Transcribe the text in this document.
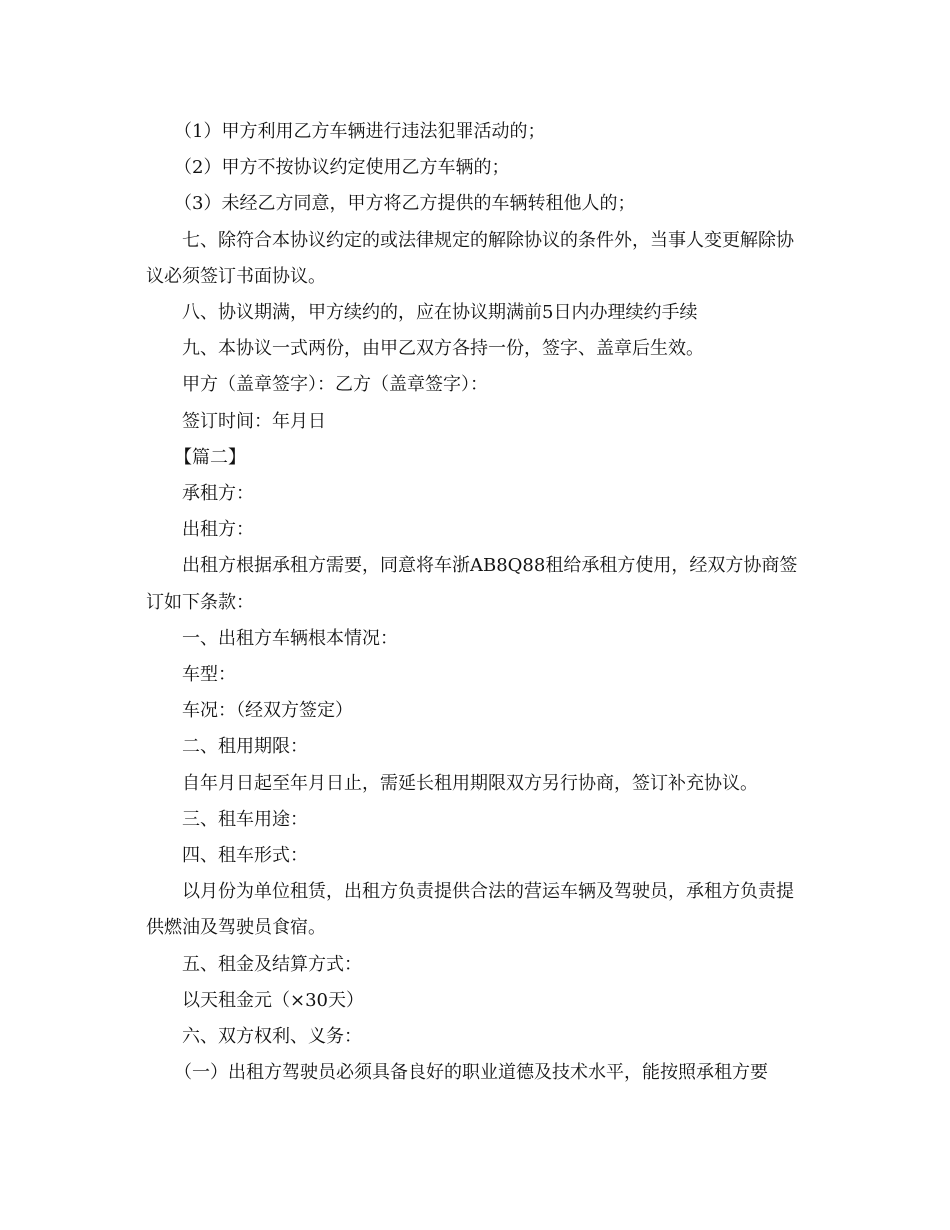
（1）甲方利用乙方车辆进行违法犯罪活动的；

（2）甲方不按协议约定使用乙方车辆的；

（3）未经乙方同意，甲方将乙方提供的车辆转租他人的；

七、除符合本协议约定的或法律规定的解除协议的条件外，当事人变更解除协议必须签订书面协议。

八、协议期满，甲方续约的，应在协议期满前5日内办理续约手续

九、本协议一式两份，由甲乙双方各持一份，签字、盖章后生效。

甲方（盖章签字）：乙方（盖章签字）：

签订时间：年月日

【篇二】

承租方：

出租方：

出租方根据承租方需要，同意将车浙AB8Q88租给承租方使用，经双方协商签订如下条款：

一、出租方车辆根本情况：

车型：

车况：（经双方签定）

二、租用期限：

自年月日起至年月日止，需延长租用期限双方另行协商，签订补充协议。

三、租车用途：

四、租车形式：

以月份为单位租赁，出租方负责提供合法的营运车辆及驾驶员，承租方负责提供燃油及驾驶员食宿。

五、租金及结算方式：

以天租金元（×30天）

六、双方权利、义务：

（一）出租方驾驶员必须具备良好的职业道德及技术水平，能按照承租方要
